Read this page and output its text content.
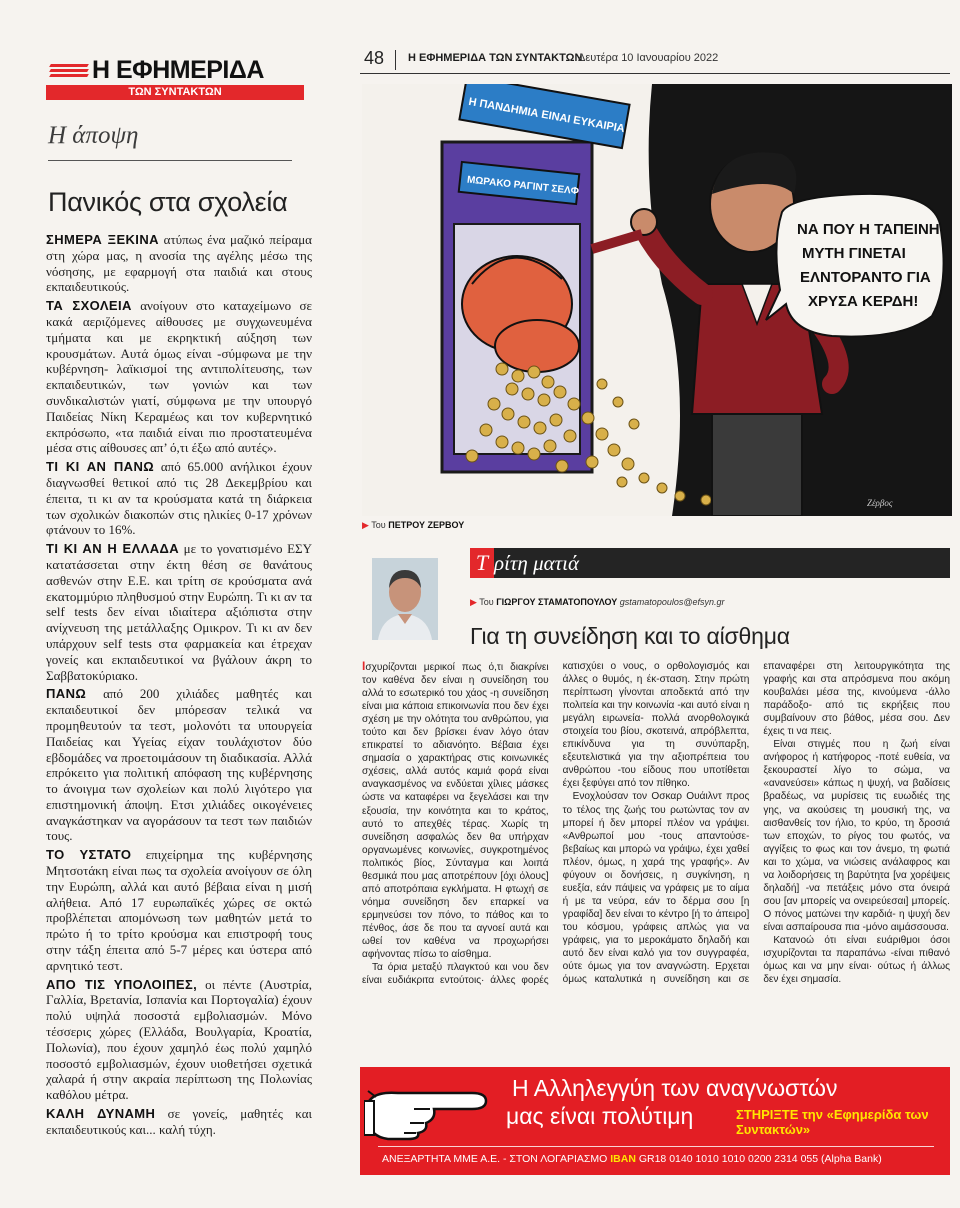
Η ΕΦΗΜΕΡΙΔΑ
ΤΩΝ ΣΥΝΤΑΚΤΩΝ
Η άποψη
Πανικός στα σχολεία

ΣΗΜΕΡΑ ΞΕΚΙΝΑ ατύπως ένα μαζικό πείραμα στη χώρα μας, η ανοσία της αγέλης μέσω της νόσησης, με εφαρμογή στα παιδιά και στους εκπαιδευτικούς.

ΤΑ ΣΧΟΛΕΙΑ ανοίγουν στο καταχείμωνο σε κακά αεριζόμενες αίθουσες με συγχωνευμένα τμήματα και με εκρηκτική αύξηση των κρουσμάτων. Αυτά όμως είναι -σύμφωνα με την κυβέρνηση- λαϊκισμοί της αντιπολίτευσης, των εκπαιδευτικών, των γονιών και των συνδικαλιστών γιατί, σύμφωνα με την υπουργό Παιδείας Νίκη Κεραμέως και τον κυβερνητικό εκπρόσωπο, «τα παιδιά είναι πιο προστατευμένα μέσα στις αίθουσες απ’ ό,τι έξω από αυτές».

ΤΙ ΚΙ ΑΝ ΠΑΝΩ από 65.000 ανήλικοι έχουν διαγνωσθεί θετικοί από τις 28 Δεκεμβρίου και έπειτα, τι κι αν τα κρούσματα κατά τη διάρκεια των σχολικών διακοπών στις ηλικίες 0-17 χρόνων φτάνουν το 16%.

ΤΙ ΚΙ ΑΝ Η ΕΛΛΑΔΑ με το γονατισμένο ΕΣΥ κατατάσσεται στην έκτη θέση σε θανάτους ασθενών στην Ε.Ε. και τρίτη σε κρούσματα ανά εκατομμύριο πληθυσμού στην Ευρώπη. Τι κι αν τα self tests δεν είναι ιδιαίτερα αξιόπιστα στην ανίχνευση της μετάλλαξης Ομικρον. Τι κι αν δεν υπάρχουν self tests στα φαρμακεία και έτρεχαν γονείς και εκπαιδευτικοί να βγάλουν άκρη το Σαββατοκύριακο.

ΠΑΝΩ από 200 χιλιάδες μαθητές και εκπαιδευτικοί δεν μπόρεσαν τελικά να προμηθευτούν τα τεστ, μολονότι τα υπουργεία Παιδείας και Υγείας είχαν τουλάχιστον δύο εβδομάδες να προετοιμάσουν τη διαδικασία. Αλλά επρόκειτο για πολιτική απόφαση της κυβέρνησης το άνοιγμα των σχολείων και πολύ λιγότερο για επιστημονική άποψη. Ετσι χιλιάδες οικογένειες αναγκάστηκαν να αγοράσουν τα τεστ των παιδιών τους.

ΤΟ ΥΣΤΑΤΟ επιχείρημα της κυβέρνησης Μητσοτάκη είναι πως τα σχολεία ανοίγουν σε όλη την Ευρώπη, αλλά και αυτό βέβαια είναι η μισή αλήθεια. Από 17 ευρωπαϊκές χώρες σε οκτώ προβλέπεται απομόνωση των μαθητών μετά το πρώτο ή το τρίτο κρούσμα και επιστροφή τους στην τάξη έπειτα από 5-7 μέρες και ύστερα από αρνητικό τεστ.

ΑΠΟ ΤΙΣ ΥΠΟΛΟΙΠΕΣ, οι πέντε (Αυστρία, Γαλλία, Βρετανία, Ισπανία και Πορτογαλία) έχουν πολύ υψηλά ποσοστά εμβολιασμών. Μόνο τέσσερις χώρες (Ελλάδα, Βουλγαρία, Κροατία, Πολωνία), που έχουν χαμηλό έως πολύ χαμηλό ποσοστό εμβολιασμών, έχουν υιοθετήσει σχετικά χαλαρά ή στην ακραία περίπτωση της Πολωνίας καθόλου μέτρα.

ΚΑΛΗ ΔΥΝΑΜΗ σε γονείς, μαθητές και εκπαιδευτικούς και... καλή τύχη.

48 Η ΕΦΗΜΕΡΙΔΑ ΤΩΝ ΣΥΝΤΑΚΤΩΝ
Δευτέρα 10 Ιανουαρίου 2022
ΜΩΡΑΚΟ ΡΑΓΙΝΤ ΣΕΛΦ
Η ΠΑΝΔΗΜΙΑ ΕΙΝΑΙ ΕΥΚΑΙΡΙΑ
ΝΑ ΠΟΥ Η ΤΑΠΕΙΝΗ
ΜΥΤΗ ΓΙΝΕΤΑΙ
ΕΛΝΤΟΡΑΝΤΟ ΓΙΑ
ΧΡΥΣΑ ΚΕΡΔΗ!
Ζέρβος
▶ Του ΠΕΤΡΟΥ ΖΕΡΒΟΥ
Τ ρίτη ματιά
▶ Του ΓΙΩΡΓΟΥ ΣΤΑΜΑΤΟΠΟΥΛΟΥ gstamatopoulos@efsyn.gr
Για τη συνείδηση και το αίσθημα

Ισχυρίζονται μερικοί πως ό,τι διακρίνει τον καθένα δεν είναι η συνείδηση του αλλά το εσωτερικό του χάος -η συνείδηση είναι μια κάποια επικοινωνία που δεν έχει σχέση με την ολότητα του ανθρώπου, για τούτο και δεν βρίσκει έναν λόγο όταν επικρατεί το αδιανόητο. Βέβαια έχει σημασία ο χαρακτήρας στις κοινωνικές σχέσεις, αλλά αυτός καμιά φορά είναι αναγκασμένος να ενδύεται χίλιες μάσκες ώστε να καταφέρει να ξεγελάσει και την εξουσία, την κοινότητα και το κράτος, αυτό το απεχθές τέρας. Χωρίς τη συνείδηση ασφαλώς δεν θα υπήρχαν οργανωμένες κοινωνίες, συγκροτημένος πολιτικός βίος, Σύνταγμα και λοιπά θεσμικά που μας αποτρέπουν [όχι όλους] από αποτρόπαια εγκλήματα. Η φτωχή σε νόημα συνείδηση δεν επαρκεί να ερμηνεύσει τον πόνο, το πάθος και το πένθος, άσε δε που τα αγνοεί αυτά και ωθεί τον καθένα να προχωρήσει αφήνοντας πίσω το αίσθημα.

Τα όρια μεταξύ πλαγκτού και νου δεν είναι ευδιάκριτα εντούτοις· άλλες φορές κατισχύει ο νους, ο ορθολογισμός και άλλες ο θυμός, η έκ-σταση. Στην πρώτη περίπτωση γίνονται αποδεκτά από την πολιτεία και την κοινωνία -και αυτό είναι η μεγάλη ειρωνεία- πολλά ανορθολογικά στοιχεία του βίου, σκοτεινά, απρόβλεπτα, επικίνδυνα για τη συνύπαρξη, εξευτελιστικά για την αξιοπρέπεια του ανθρώπου -του είδους που υποτίθεται έχει ξεφύγει από τον πίθηκο.

Ενοχλούσαν τον Οσκαρ Ουάιλντ προς το τέλος της ζωής του ρωτώντας τον αν μπορεί ή δεν μπορεί πλέον να γράψει. «Ανθρωποί μου -τους απαντούσε- βεβαίως και μπορώ να γράψω, έχει χαθεί πλέον, όμως, η χαρά της γραφής». Αν φύγουν οι δονήσεις, η συγκίνηση, η ευεξία, εάν πάψεις να γράφεις με το αίμα ή με τα νεύρα, εάν το δέρμα σου [η γραφίδα] δεν είναι το κέντρο [ή το άπειρο] του κόσμου, γράφεις απλώς για να γράφεις, για το μεροκάματο δηλαδή και αυτό δεν είναι καλό για τον συγγραφέα, ούτε όμως για τον αναγνώστη. Ερχεται όμως καταλυτικά η συνείδηση και σε επαναφέρει στη λειτουργικότητα της γραφής και στα απρόσμενα που ακόμη κουβαλάει μέσα της, κινούμενα -άλλο παράδοξο- από τις εκρήξεις που συμβαίνουν στο βάθος, μέσα σου. Δεν έχεις τι να πεις.

Είναι στιγμές που η ζωή είναι ανήφορος ή κατήφορος -ποτέ ευθεία, να ξεκουραστεί λίγο το σώμα, να «ανανεύσει» κάπως η ψυχή, να βαδίσεις βραδέως, να μυρίσεις τις ευωδιές της γης, να ακούσεις τη μουσική της, να αισθανθείς τον ήλιο, το κρύο, τη δροσιά των εποχών, το ρίγος του φωτός, να αγγίξεις το φως και τον άνεμο, τη φωτιά και το χώμα, να νιώσεις ανάλαφρος και να λοιδορήσεις τη βαρύτητα [να χορέψεις δηλαδή] -να πετάξεις μόνο στα όνειρά σου [αν μπορείς να ονειρεύεσαι] μπορείς. Ο πόνος ματώνει την καρδιά- η ψυχή δεν είναι ασπαίρουσα πια -μόνο αιμάσσουσα.

Κατανοώ ότι είναι ευάριθμοι όσοι ισχυρίζονται τα παραπάνω -είναι πιθανό όμως και να μην είναι· ούτως ή άλλως δεν έχει σημασία.

Η Αλληλεγγύη των αναγνωστών
μας είναι πολύτιμη	ΣΤΗΡΙΞΤΕ την «Εφημερίδα των Συντακτών»
ΑΝΕΞΑΡΤΗΤΑ ΜΜΕ Α.Ε. - ΣΤΟΝ ΛΟΓΑΡΙΑΣΜΟ IBAN GR18 0140 1010 1010 0200 2314 055 (Alpha Bank)
